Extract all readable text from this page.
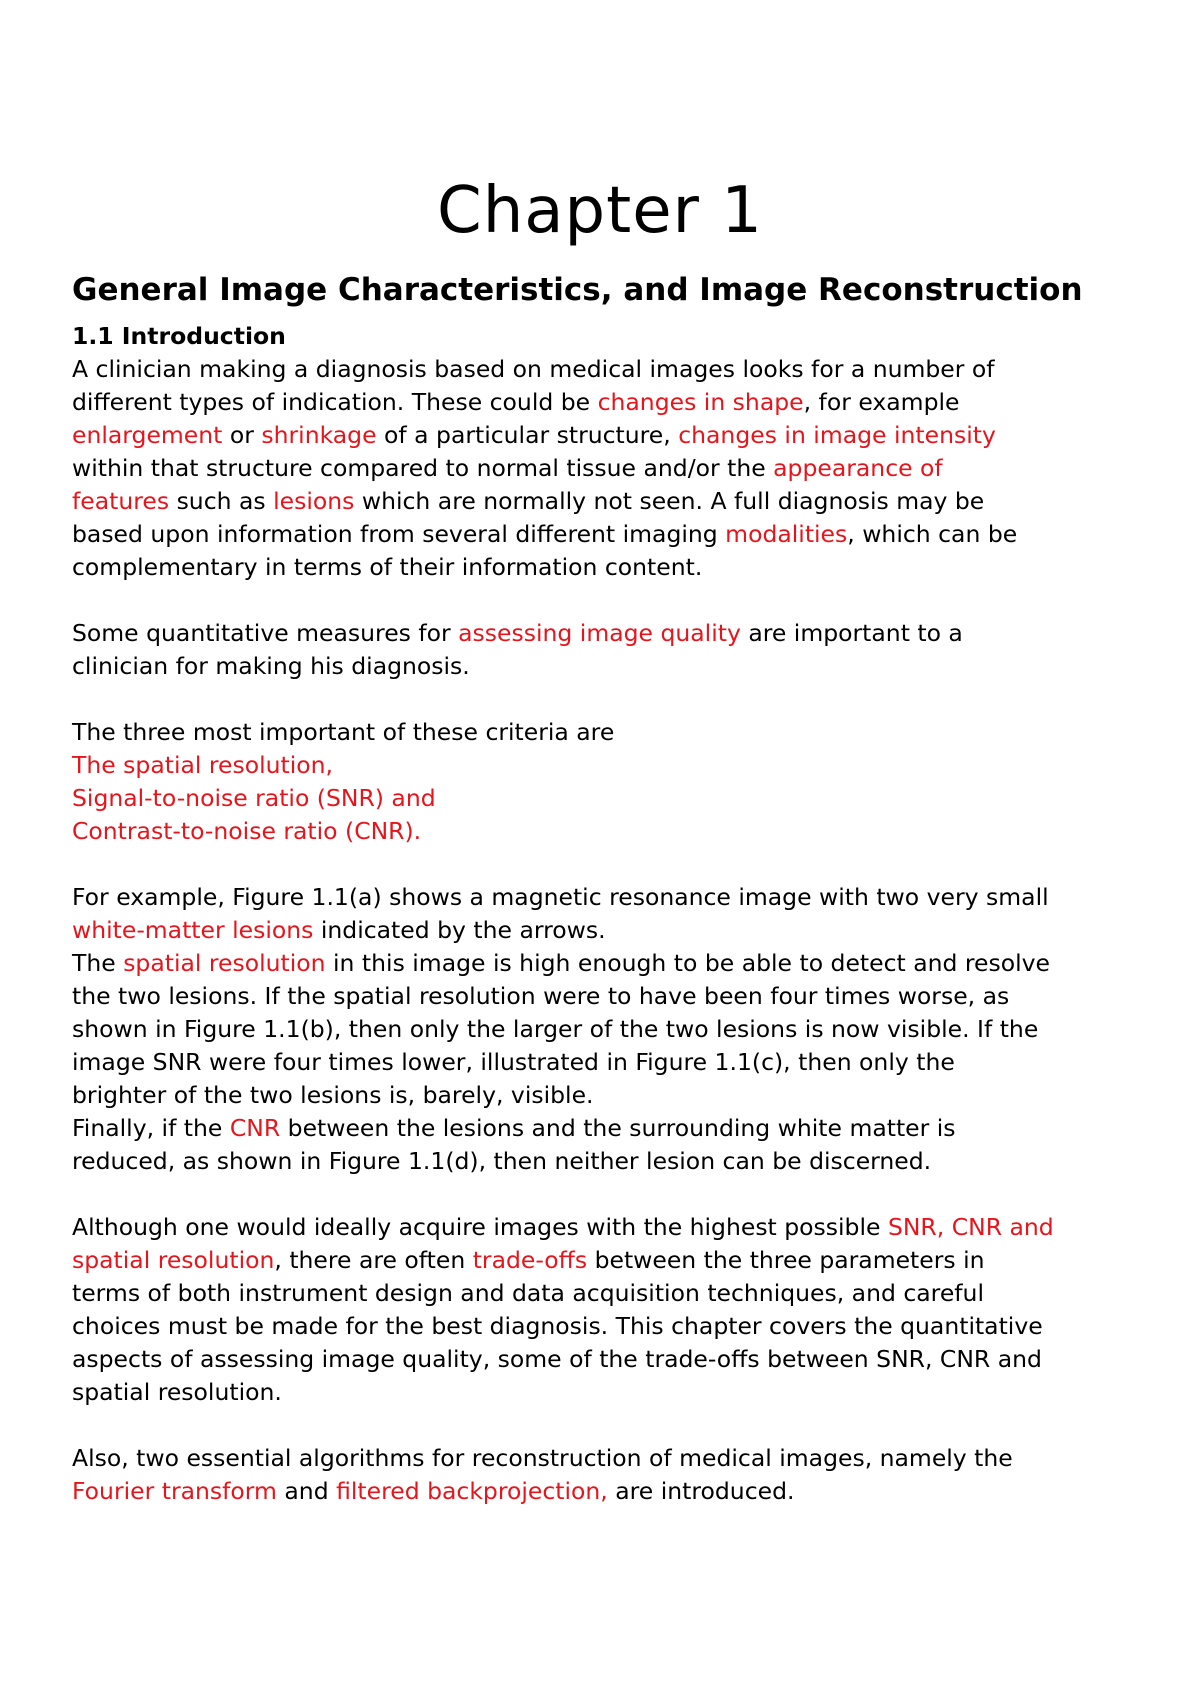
Chapter 1
General Image Characteristics, and Image Reconstruction
1.1 Introduction
A clinician making a diagnosis based on medical images looks for a number of
different types of indication. These could be changes in shape, for example
enlargement or shrinkage of a particular structure, changes in image intensity
within that structure compared to normal tissue and/or the appearance of
features such as lesions which are normally not seen. A full diagnosis may be
based upon information from several different imaging modalities, which can be
complementary in terms of their information content.
Some quantitative measures for assessing image quality are important to a
clinician for making his diagnosis.
The three most important of these criteria are
The spatial resolution,
Signal-to-noise ratio (SNR) and
Contrast-to-noise ratio (CNR).
For example, Figure 1.1(a) shows a magnetic resonance image with two very small
white-matter lesions indicated by the arrows.
The spatial resolution in this image is high enough to be able to detect and resolve
the two lesions. If the spatial resolution were to have been four times worse, as
shown in Figure 1.1(b), then only the larger of the two lesions is now visible. If the
image SNR were four times lower, illustrated in Figure 1.1(c), then only the
brighter of the two lesions is, barely, visible.
Finally, if the CNR between the lesions and the surrounding white matter is
reduced, as shown in Figure 1.1(d), then neither lesion can be discerned.
Although one would ideally acquire images with the highest possible SNR, CNR and
spatial resolution, there are often trade-offs between the three parameters in
terms of both instrument design and data acquisition techniques, and careful
choices must be made for the best diagnosis. This chapter covers the quantitative
aspects of assessing image quality, some of the trade-offs between SNR, CNR and
spatial resolution.
Also, two essential algorithms for reconstruction of medical images, namely the
Fourier transform and filtered backprojection, are introduced.
